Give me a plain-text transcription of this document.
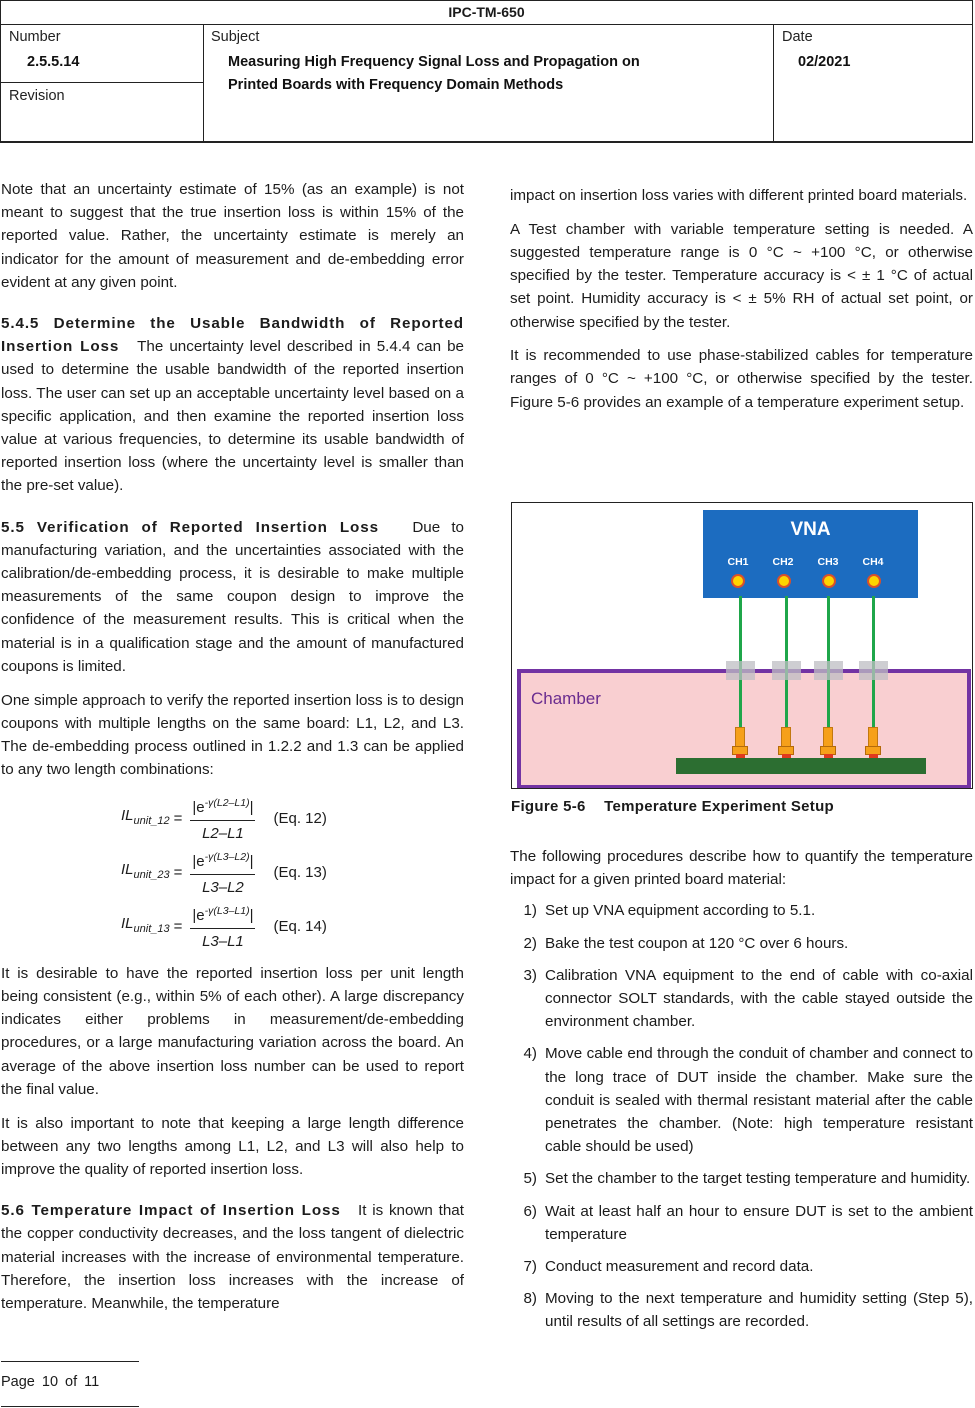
IPC-TM-650
Number
2.5.5.14
Revision
Subject
Measuring High Frequency Signal Loss and Propagation on
Printed Boards with Frequency Domain Methods
Date
02/2021

Note that an uncertainty estimate of 15% (as an example) is not meant to suggest that the true insertion loss is within 15% of the reported value. Rather, the uncertainty estimate is merely an indicator for the amount of measurement and de-embedding error evident at any given point.

5.4.5 Determine the Usable Bandwidth of Reported Insertion Loss The uncertainty level described in 5.4.4 can be used to determine the usable bandwidth of the reported insertion loss. The user can set up an acceptable uncertainty level based on a specific application, and then examine the reported insertion loss value at various frequencies, to determine its usable bandwidth of reported insertion loss (where the uncertainty level is smaller than the pre-set value).

5.5 Verification of Reported Insertion Loss Due to manufacturing variation, and the uncertainties associated with the calibration/de-embedding process, it is desirable to make multiple measurements of the same coupon design to improve the confidence of the measurement results. This is critical when the material is in a qualification stage and the amount of manufactured coupons is limited.

One simple approach to verify the reported insertion loss is to design coupons with multiple lengths on the same board: L1, L2, and L3. The de-embedding process outlined in 1.2.2 and 1.3 can be applied to any two length combinations:

$IL_{unit\_12} = \frac{|e^{-\gamma(L2-L1)}|}{L2-L1} (Eq$. 12)
$IL_{unit\_23} = \frac{|e^{-\gamma(L3-L2)}|}{L3-L2} (Eq$. 13)
$IL_{unit\_13} = \frac{|e^{-\gamma(L3-L1)}|}{L3-L1} (Eq$. 14)

It is desirable to have the reported insertion loss per unit length being consistent (e.g., within 5% of each other). A large discrepancy indicates either problems in measurement/de-embedding procedures, or a large manufacturing variation across the board. An average of the above insertion loss number can be used to report the final value.

It is also important to note that keeping a large length difference between any two lengths among L1, L2, and L3 will also help to improve the quality of reported insertion loss.

5.6 Temperature Impact of Insertion Loss It is known that the copper conductivity decreases, and the loss tangent of dielectric material increases with the increase of environmental temperature. Therefore, the insertion loss increases with the increase of temperature. Meanwhile, the temperature

impact on insertion loss varies with different printed board materials.

A Test chamber with variable temperature setting is needed. A suggested temperature range is 0 °C ~ +100 °C, or otherwise specified by the tester. Temperature accuracy is < ± 1 °C of actual set point. Humidity accuracy is < ± 5% RH of actual set point, or otherwise specified by the tester.

It is recommended to use phase-stabilized cables for temperature ranges of 0 °C ~ +100 °C, or otherwise specified by the tester. Figure 5-6 provides an example of a temperature experiment setup.

VNA
CH1	CH2	CH3	CH4
Chamber
Figure 5-6 Temperature Experiment Setup

The following procedures describe how to quantify the temperature impact for a given printed board material:

1) Set up VNA equipment according to 5.1.
2) Bake the test coupon at 120 °C over 6 hours.
3) Calibration VNA equipment to the end of cable with co-axial connector SOLT standards, with the cable stayed outside the environment chamber.
4) Move cable end through the conduit of chamber and connect to the long trace of DUT inside the chamber. Make sure the conduit is sealed with thermal resistant material after the cable penetrates the chamber. (Note: high temperature resistant cable should be used)
5) Set the chamber to the target testing temperature and humidity.
6) Wait at least half an hour to ensure DUT is set to the ambient temperature
7) Conduct measurement and record data.
8) Moving to the next temperature and humidity setting (Step 5), until results of all settings are recorded.
Page 10 of 11
